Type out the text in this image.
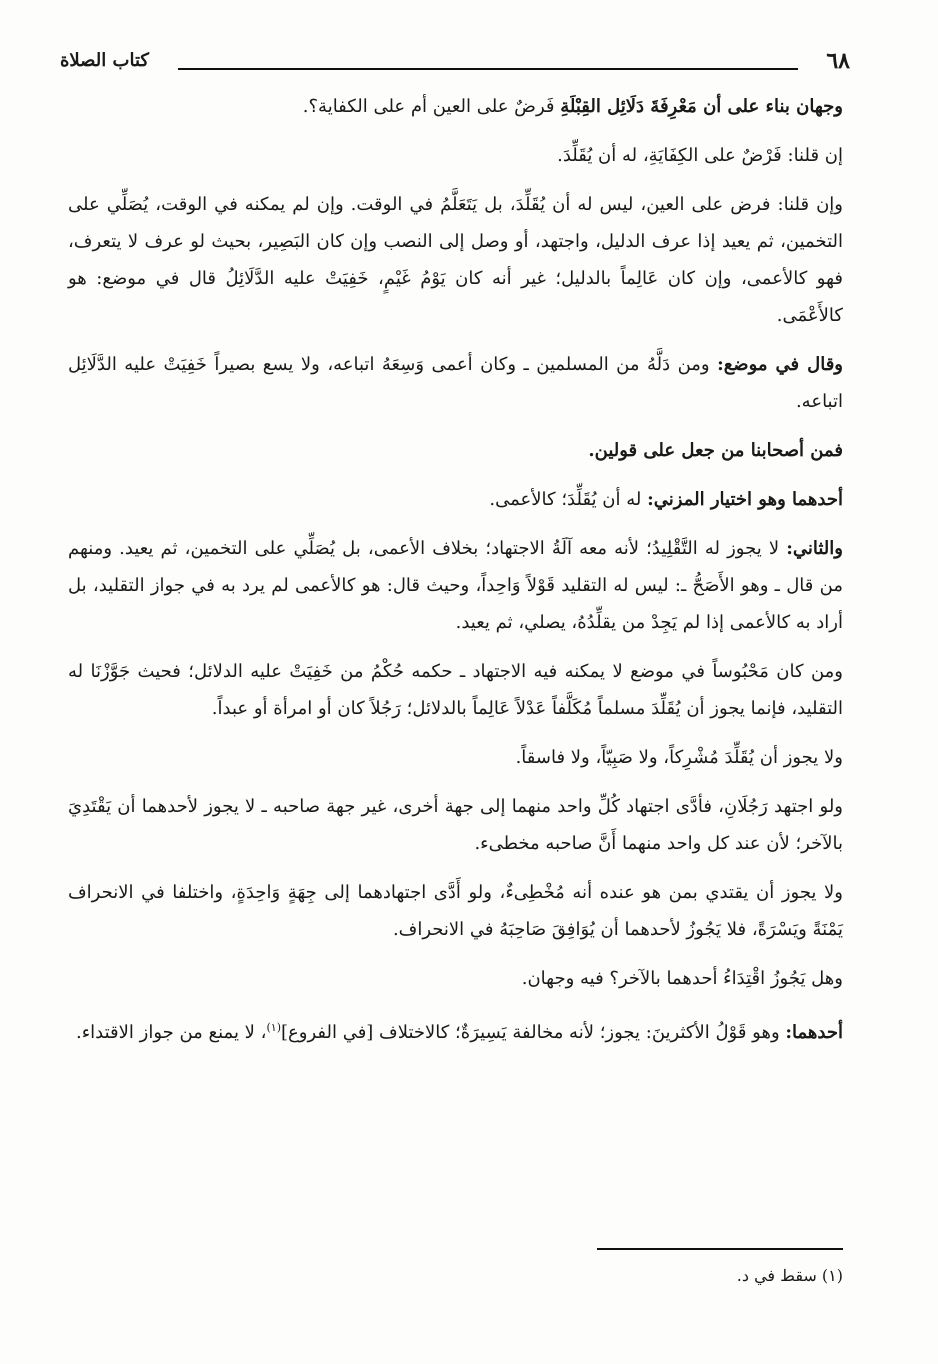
٦٨
كتاب الصلاة

وجهان بناء على أن مَعْرِفَةَ دَلَائِل القِبْلَةِ فَرضٌ على العين أم على الكفاية؟.

إن قلنا: فَرْضٌ على الكِفَايَةِ، له أن يُقَلِّدَ.

وإن قلنا: فرض على العين، ليس له أن يُقَلِّدَ، بل يَتَعَلَّمُ في الوقت. وإن لم يمكنه في الوقت، يُصَلِّي على التخمين، ثم يعيد إذا عرف الدليل، واجتهد، أو وصل إلى النصب وإن كان البَصِير، بحيث لو عرف لا يتعرف، فهو كالأعمى، وإن كان عَالِماً بالدليل؛ غير أنه كان يَوْمُ غَيْمٍ، خَفِيَتْ عليه الدَّلَائِلُ قال في موضع: هو كالأَعْمَى.

وقال في موضع: ومن دَلَّهُ من المسلمين ـ وكان أعمى وَسِعَهُ اتباعه، ولا يسع بصيراً خَفِيَتْ عليه الدَّلَائِل اتباعه.

فمن أصحابنا من جعل على قولين.

أحدهما وهو اختيار المزني: له أن يُقَلِّدَ؛ كالأعمى.

والثاني: لا يجوز له التَّقْلِيدُ؛ لأنه معه آلَةُ الاجتهاد؛ بخلاف الأعمى، بل يُصَلِّي على التخمين، ثم يعيد. ومنهم من قال ـ وهو الأَصَحُّ ـ: ليس له التقليد قَوْلاً وَاحِداً، وحيث قال: هو كالأعمى لم يرد به في جواز التقليد، بل أراد به كالأعمى إذا لم يَجِدْ من يقلِّدُهُ، يصلي، ثم يعيد.

ومن كان مَحْبُوساً في موضع لا يمكنه فيه الاجتهاد ـ حكمه حُكْمُ من خَفِيَتْ عليه الدلائل؛ فحيث جَوَّزْنَا له التقليد، فإنما يجوز أن يُقَلِّدَ مسلماً مُكَلَّفاً عَدْلاً عَالِماً بالدلائل؛ رَجُلاً كان أو امرأة أو عبداً.

ولا يجوز أن يُقَلِّدَ مُشْرِكاً، ولا صَبِيّاً، ولا فاسقاً.

ولو اجتهد رَجُلَانِ، فأدَّى اجتهاد كُلِّ واحد منهما إلى جهة أخرى، غير جهة صاحبه ـ لا يجوز لأحدهما أن يَقْتَدِيَ بالآخر؛ لأن عند كل واحد منهما أَنَّ صاحبه مخطىء.

ولا يجوز أن يقتدي بمن هو عنده أنه مُخْطِىءٌ، ولو أَدَّى اجتهادهما إلى جِهَةٍ وَاحِدَةٍ، واختلفا في الانحراف يَمْنَةً ويَسْرَةً، فلا يَجُوزُ لأحدهما أن يُوَافِقَ صَاحِبَهُ في الانحراف.

وهل يَجُوزُ اقْتِدَاءُ أحدهما بالآخر؟ فيه وجهان.

أحدهما: وهو قَوْلُ الأكثرينَ: يجوز؛ لأنه مخالفة يَسِيرَةٌ؛ كالاختلاف [في الفروع]$^{(١)}$، لا يمنع من جواز الاقتداء.

(١) سقط في د.
